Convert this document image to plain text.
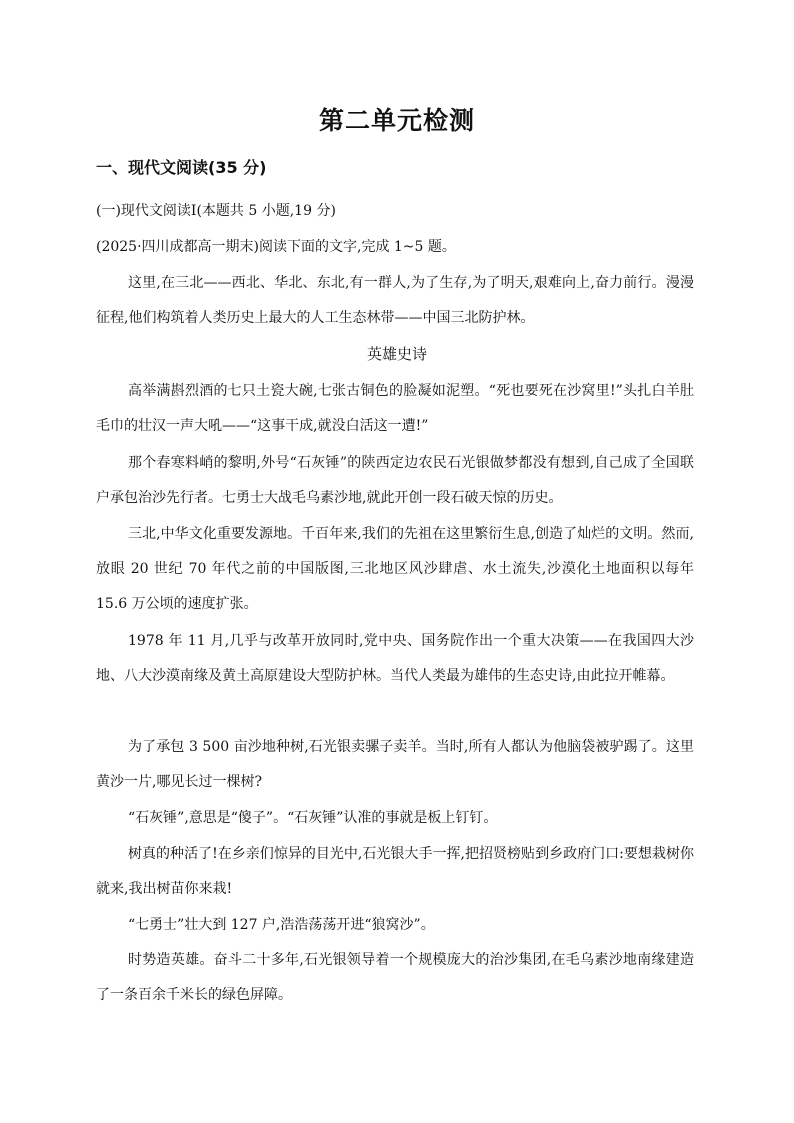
第二单元检测
一、现代文阅读(35 分)

(一)现代文阅读Ⅰ(本题共 5 小题,19 分)

(2025·四川成都高一期末)阅读下面的文字,完成 1~5 题。

这里,在三北——西北、华北、东北,有一群人,为了生存,为了明天,艰难向上,奋力前行。漫漫征程,他们构筑着人类历史上最大的人工生态林带——中国三北防护林。

英雄史诗

高举满斟烈酒的七只土瓷大碗,七张古铜色的脸凝如泥塑。“死也要死在沙窝里!”头扎白羊肚毛巾的壮汉一声大吼——“这事干成,就没白活这一遭!”

那个春寒料峭的黎明,外号“石灰锤”的陕西定边农民石光银做梦都没有想到,自己成了全国联户承包治沙先行者。七勇士大战毛乌素沙地,就此开创一段石破天惊的历史。

三北,中华文化重要发源地。千百年来,我们的先祖在这里繁衍生息,创造了灿烂的文明。然而,放眼 20 世纪 70 年代之前的中国版图,三北地区风沙肆虐、水土流失,沙漠化土地面积以每年 15.6 万公顷的速度扩张。

1978 年 11 月,几乎与改革开放同时,党中央、国务院作出一个重大决策——在我国四大沙地、八大沙漠南缘及黄土高原建设大型防护林。当代人类最为雄伟的生态史诗,由此拉开帷幕。

为了承包 3 500 亩沙地种树,石光银卖骡子卖羊。当时,所有人都认为他脑袋被驴踢了。这里黄沙一片,哪见长过一棵树?

“石灰锤”,意思是“傻子”。“石灰锤”认准的事就是板上钉钉。

树真的种活了!在乡亲们惊异的目光中,石光银大手一挥,把招贤榜贴到乡政府门口:要想栽树你就来,我出树苗你来栽!

“七勇士”壮大到 127 户,浩浩荡荡开进“狼窝沙”。

时势造英雄。奋斗二十多年,石光银领导着一个规模庞大的治沙集团,在毛乌素沙地南缘建造了一条百余千米长的绿色屏障。
